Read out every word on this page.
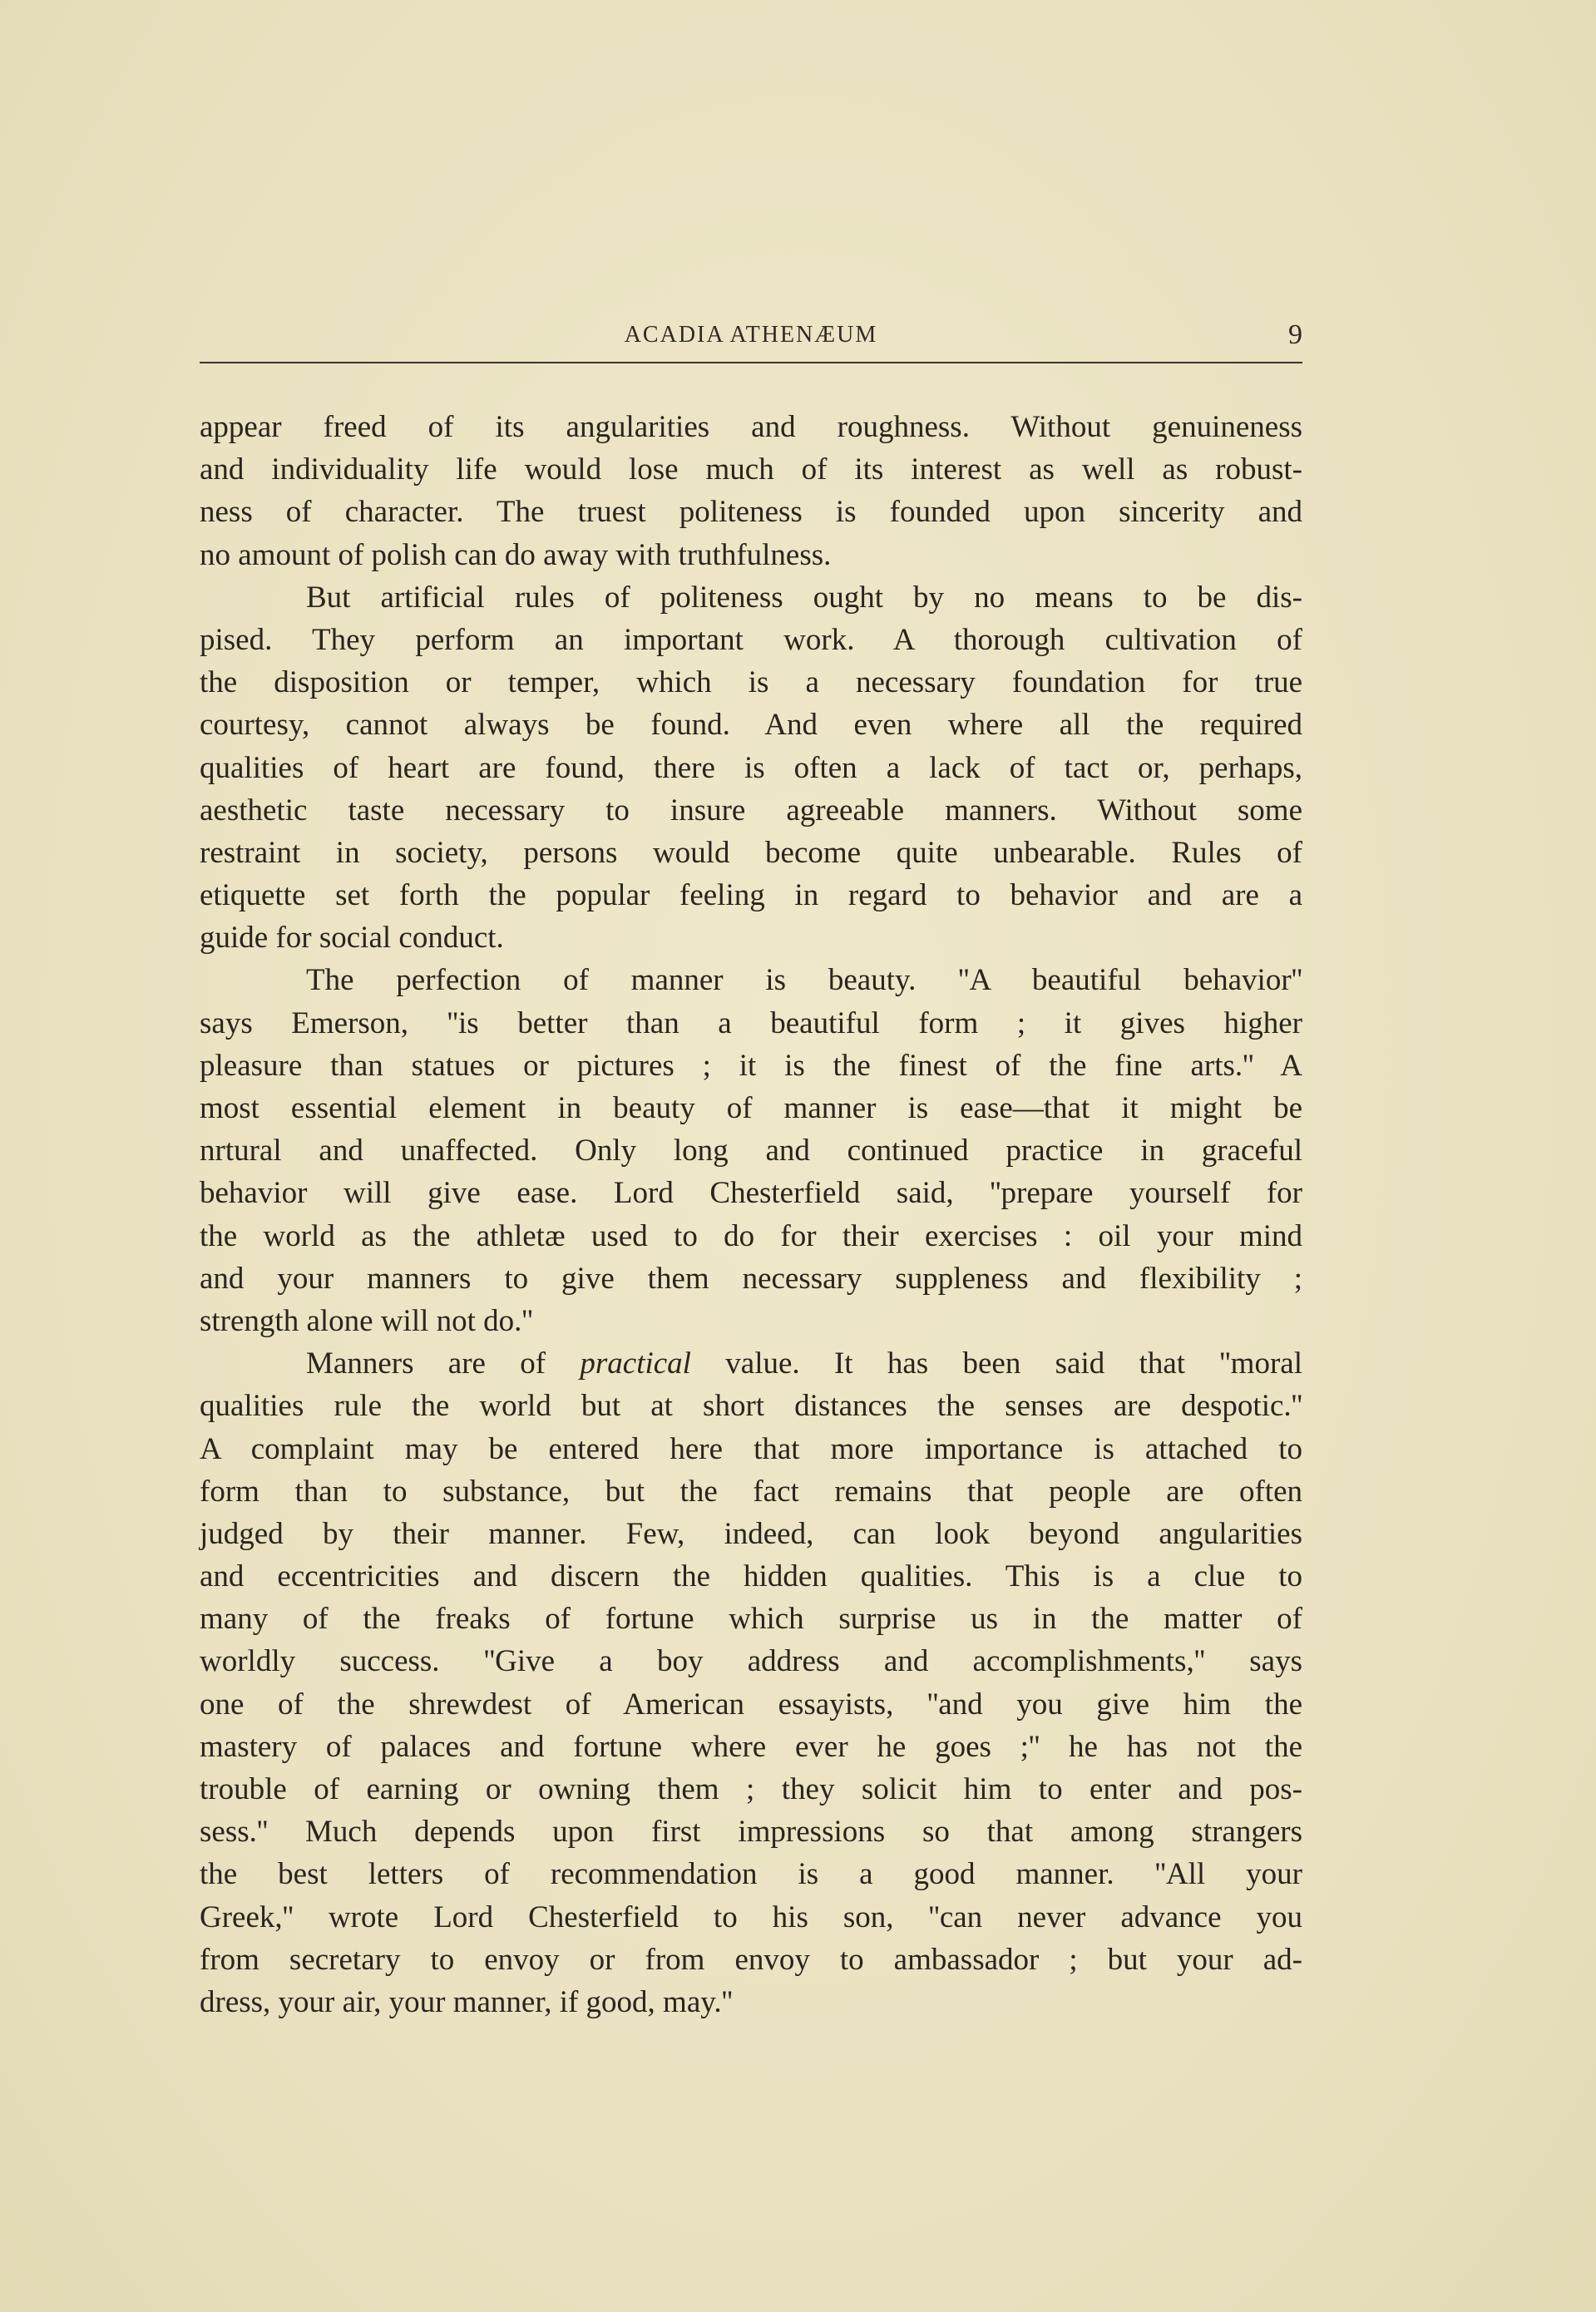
ACADIA ATHENÆUM	9
appear freed of its angularities and roughness. Without genuineness
and individuality life would lose much of its interest as well as robust-
ness of character. The truest politeness is founded upon sincerity and
no amount of polish can do away with truthfulness.
But artificial rules of politeness ought by no means to be dis-
pised. They perform an important work. A thorough cultivation of
the disposition or temper, which is a necessary foundation for true
courtesy, cannot always be found. And even where all the required
qualities of heart are found, there is often a lack of tact or, perhaps,
aesthetic taste necessary to insure agreeable manners. Without some
restraint in society, persons would become quite unbearable. Rules of
etiquette set forth the popular feeling in regard to behavior and are a
guide for social conduct.
The perfection of manner is beauty. ''A beautiful behavior''
says Emerson, ''is better than a beautiful form ; it gives higher
pleasure than statues or pictures ; it is the finest of the fine arts.'' A
most essential element in beauty of manner is ease—that it might be
nrtural and unaffected. Only long and continued practice in graceful
behavior will give ease. Lord Chesterfield said, ''prepare yourself for
the world as the athletæ used to do for their exercises : oil your mind
and your manners to give them necessary suppleness and flexibility ;
strength alone will not do.''
Manners are of practical value. It has been said that ''moral
qualities rule the world but at short distances the senses are despotic.''
A complaint may be entered here that more importance is attached to
form than to substance, but the fact remains that people are often
judged by their manner. Few, indeed, can look beyond angularities
and eccentricities and discern the hidden qualities. This is a clue to
many of the freaks of fortune which surprise us in the matter of
worldly success. ''Give a boy address and accomplishments,'' says
one of the shrewdest of American essayists, ''and you give him the
mastery of palaces and fortune where ever he goes ;'' he has not the
trouble of earning or owning them ; they solicit him to enter and pos-
sess.'' Much depends upon first impressions so that among strangers
the best letters of recommendation is a good manner. ''All your
Greek,'' wrote Lord Chesterfield to his son, ''can never advance you
from secretary to envoy or from envoy to ambassador ; but your ad-
dress, your air, your manner, if good, may.''
